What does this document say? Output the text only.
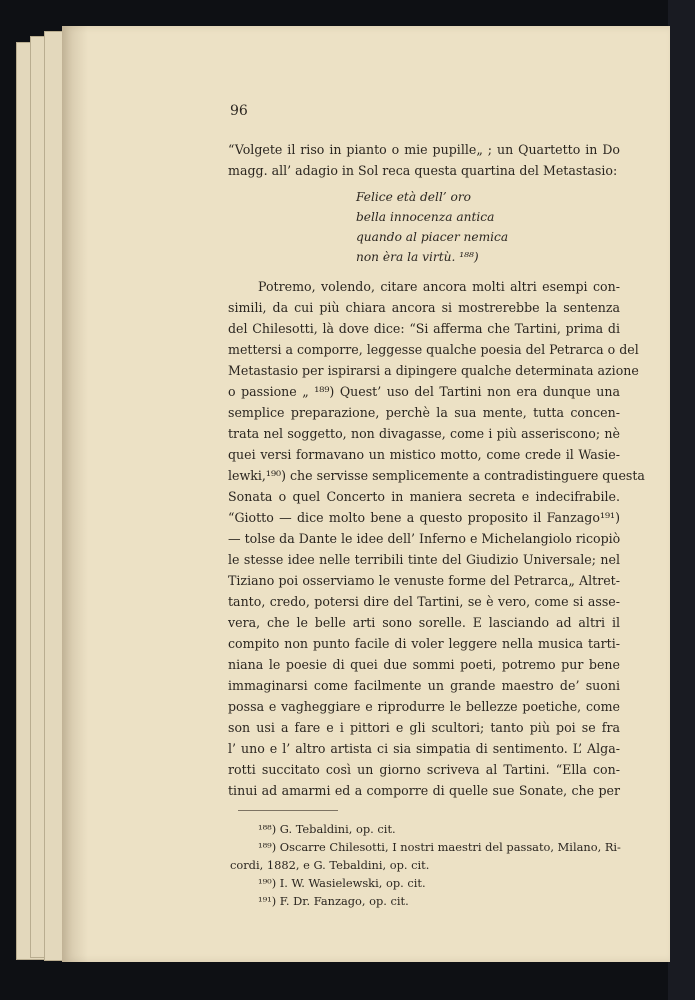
96
“Volgete il riso in pianto o mie pupille„ ; un Quartetto in Do
magg. all’ adagio in Sol reca questa quartina del Metastasio:
Felice età dell’ oro
bella innocenza antica
quando al piacer nemica
non èra la virtù. ¹⁸⁸)
Potremo, volendo, citare ancora molti altri esempi con-
simili, da cui più chiara ancora si mostrerebbe la sentenza
del Chilesotti, là dove dice: “Si afferma che Tartini, prima di
mettersi a comporre, leggesse qualche poesia del Petrarca o del
Metastasio per ispirarsi a dipingere qualche determinata azione
o passione „ ¹⁸⁹) Quest’ uso del Tartini non era dunque una
semplice preparazione, perchè la sua mente, tutta concen-
trata nel soggetto, non divagasse, come i più asseriscono; nè
quei versi formavano un mistico motto, come crede il Wasie-
lewki,¹⁹⁰) che servisse semplicemente a contradistinguere questa
Sonata o quel Concerto in maniera secreta e indecifrabile.
“Giotto — dice molto bene a questo proposito il Fanzago¹⁹¹)
— tolse da Dante le idee dell’ Inferno e Michelangiolo ricopiò
le stesse idee nelle terribili tinte del Giudizio Universale; nel
Tiziano poi osserviamo le venuste forme del Petrarca„ Altret-
tanto, credo, potersi dire del Tartini, se è vero, come si asse-
vera, che le belle arti sono sorelle. E lasciando ad altri il
compito non punto facile di voler leggere nella musica tarti-
niana le poesie di quei due sommi poeti, potremo pur bene
immaginarsi come facilmente un grande maestro de’ suoni
possa e vagheggiare e riprodurre le bellezze poetiche, come
son usi a fare e i pittori e gli scultori; tanto più poi se fra
l’ uno e l’ altro artista ci sia simpatia di sentimento. L’ Alga-
rotti succitato così un giorno scriveva al Tartini. “Ella con-
tinui ad amarmi ed a comporre di quelle sue Sonate, che per
¹⁸⁸) G. Tebaldini, op. cit.
¹⁸⁹) Oscarre Chilesotti, I nostri maestri del passato, Milano, Ri-
cordi, 1882, e G. Tebaldini, op. cit.
¹⁹⁰) I. W. Wasielewski, op. cit.
¹⁹¹) F. Dr. Fanzago, op. cit.
